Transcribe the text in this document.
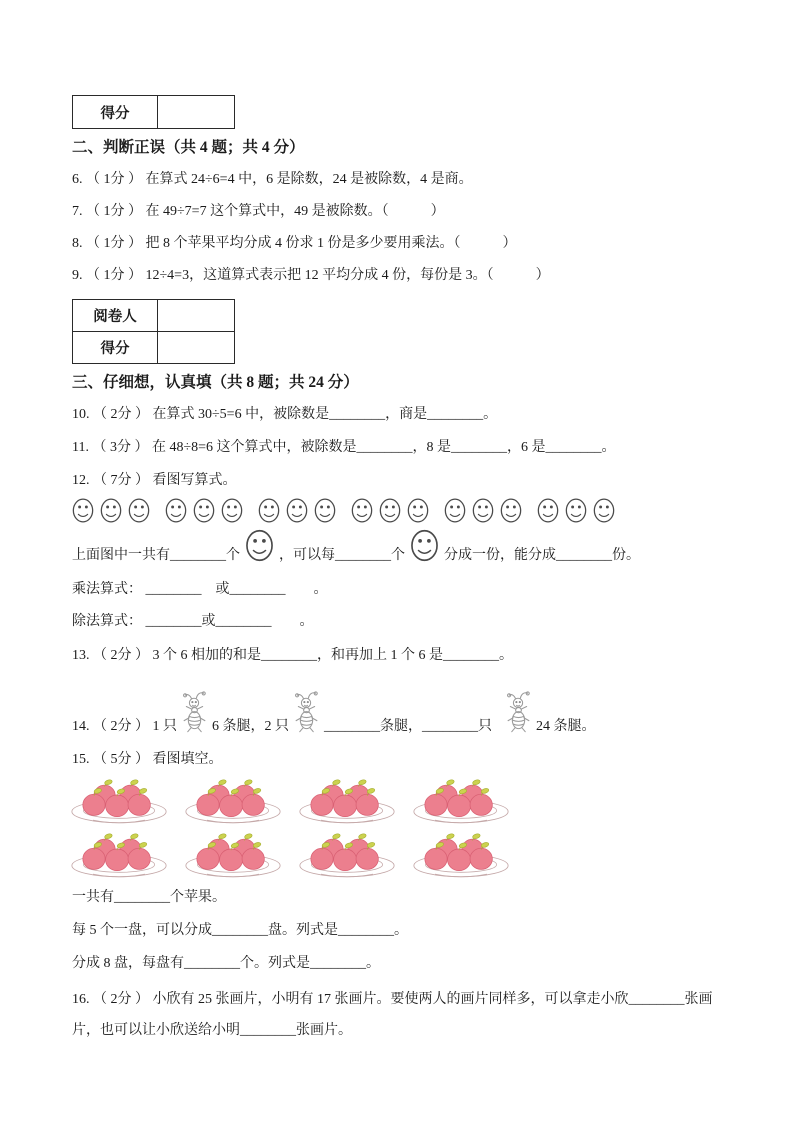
得分	

二、判断正误（共 4 题；共 4 分）

6. （ 1分 ） 在算式 24÷6=4 中，6 是除数，24 是被除数，4 是商。

7. （ 1分 ） 在 49÷7=7 这个算式中，49 是被除数。（　　　）

8. （ 1分 ） 把 8 个苹果平均分成 4 份求 1 份是多少要用乘法。（　　　）

9. （ 1分 ） 12÷4=3，这道算式表示把 12 平均分成 4 份，每份是 3。（　　　）

阅卷人	
得分	

三、仔细想，认真填（共 8 题；共 24 分）

10. （ 2分 ） 在算式 30÷5=6 中，被除数是________，商是________。

11. （ 3分 ） 在 48÷8=6 这个算式中，被除数是________，8 是________，6 是________。

12. （ 7分 ） 看图写算式。

上面图中一共有________个	，可以每________个	分成一份，能分成________份。

乘法算式： ________　或________　　。

除法算式： ________或________　　。

13. （ 2分 ） 3 个 6 相加的和是________，和再加上 1 个 6 是________。

14. （ 2分 ） 1 只	6 条腿，2 只	________条腿，________只	24 条腿。

15. （ 5分 ） 看图填空。

一共有________个苹果。

每 5 个一盘，可以分成________盘。列式是________。

分成 8 盘，每盘有________个。列式是________。

16. （ 2分 ） 小欣有 25 张画片，小明有 17 张画片。要使两人的画片同样多，可以拿走小欣________张画片，也可以让小欣送给小明________张画片。
